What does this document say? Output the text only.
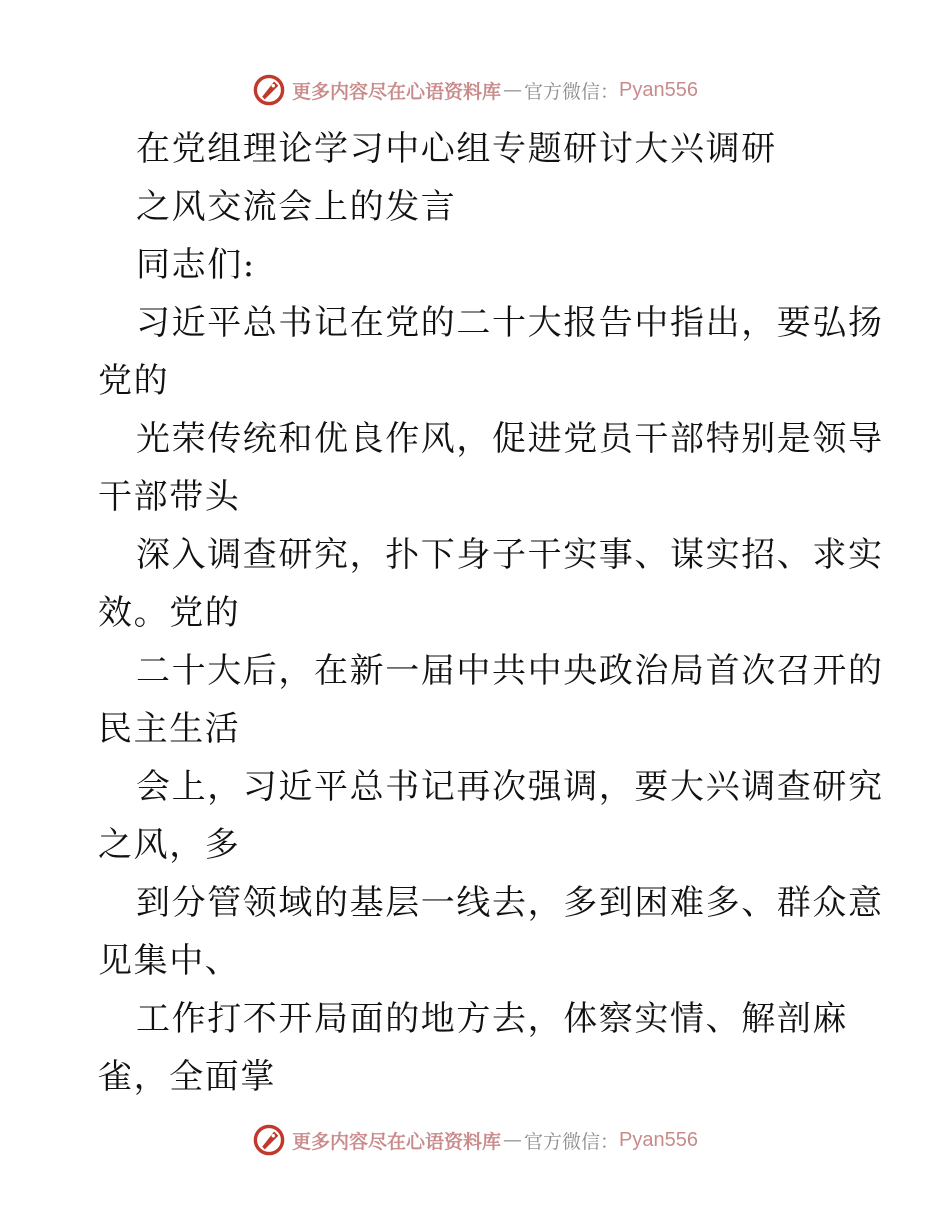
更多内容尽在心语资料库 — 官方微信： Pyan556
在党组理论学习中心组专题研讨大兴调研
之风交流会上的发言
同志们:
习近平总书记在党的二十大报告中指出，要弘扬
党的
光荣传统和优良作风，促进党员干部特别是领导
干部带头
深入调查研究，扑下身子干实事、谋实招、求实
效。党的
二十大后，在新一届中共中央政治局首次召开的
民主生活
会上，习近平总书记再次强调，要大兴调查研究
之风，多
到分管领域的基层一线去，多到困难多、群众意
见集中、
工作打不开局面的地方去，体察实情、解剖麻
雀，全面掌
更多内容尽在心语资料库 — 官方微信： Pyan556
